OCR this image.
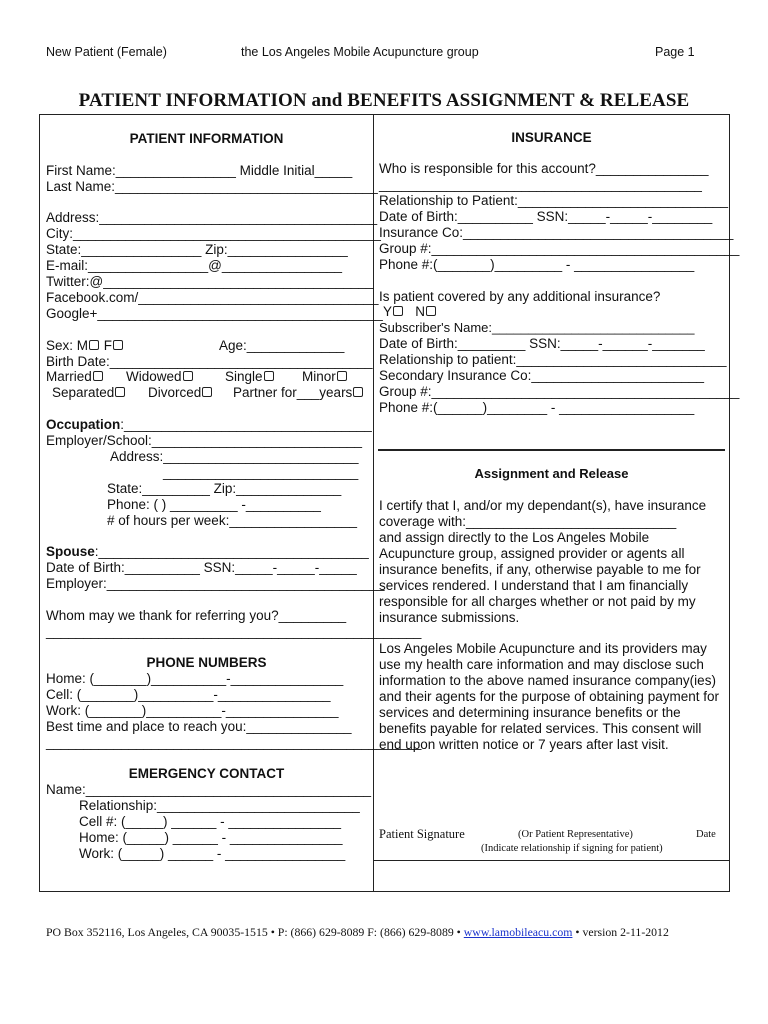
New Patient (Female)	the Los Angeles Mobile Acupuncture group	Page 1
PATIENT INFORMATION and BENEFITS ASSIGNMENT & RELEASE
PATIENT INFORMATION
First Name:________________ Middle Initial_____
Last Name:___________________________________
Address:_____________________________________
City:_________________________________________
State:________________ Zip:________________
E-mail:________________@________________
Twitter:@____________________________________
Facebook.com/________________________________
Google+______________________________________
Sex: M F	Age:_____________
Birth Date:___________________________________
Married	Widowed	Single	Minor
Separated	Divorced	Partner for___years
Occupation:_________________________________
Employer/School:____________________________
Address:__________________________
__________________________
State:_________ Zip:______________
Phone: ( ) _________ -__________
# of hours per week:_________________
Spouse:____________________________________
Date of Birth:__________ SSN:_____-_____-_____
Employer:_____________________________________
Whom may we thank for referring you?_________
__________________________________________________
PHONE NUMBERS
Home: (_______)__________-_______________
Cell: (_______)__________-_______________
Work: (_______)__________-_______________
Best time and place to reach you:______________
__________________________________________________
EMERGENCY CONTACT
Name:______________________________________
Relationship:___________________________
Cell #: (_____) ______ - _______________
Home: (_____) ______ - _______________
Work: (_____) ______ - ________________
INSURANCE
Who is responsible for this account?_______________
___________________________________________
Relationship to Patient:____________________________
Date of Birth:__________ SSN:_____-_____-________
Insurance Co:____________________________________
Group #:_________________________________________
Phone #:(_______)_________ - ________________
Is patient covered by any additional insurance?
Y N
Subscriber's Name:____________________________
Date of Birth:_________ SSN:_____-______-_______
Relationship to patient:____________________________
Secondary Insurance Co:_______________________
Group #:_________________________________________
Phone #:(______)________ - __________________
Assignment and Release
I certify that I, and/or my dependant(s), have insurance
coverage with:____________________________
and assign directly to the Los Angeles Mobile Acupuncture group, assigned provider or agents all insurance benefits, if any, otherwise payable to me for services rendered. I understand that I am financially responsible for all charges whether or not paid by my insurance submissions.
Los Angeles Mobile Acupuncture and its providers may use my health care information and may disclose such information to the above named insurance company(ies) and their agents for the purpose of obtaining payment for services and determining insurance benefits or the benefits payable for related services. This consent will end upon written notice or 7 years after last visit.
Patient Signature	(Or Patient Representative)	Date
(Indicate relationship if signing for patient)
PO Box 352116, Los Angeles, CA 90035-1515 • P: (866) 629-8089 F: (866) 629-8089 • www.lamobileacu.com • version 2-11-2012
